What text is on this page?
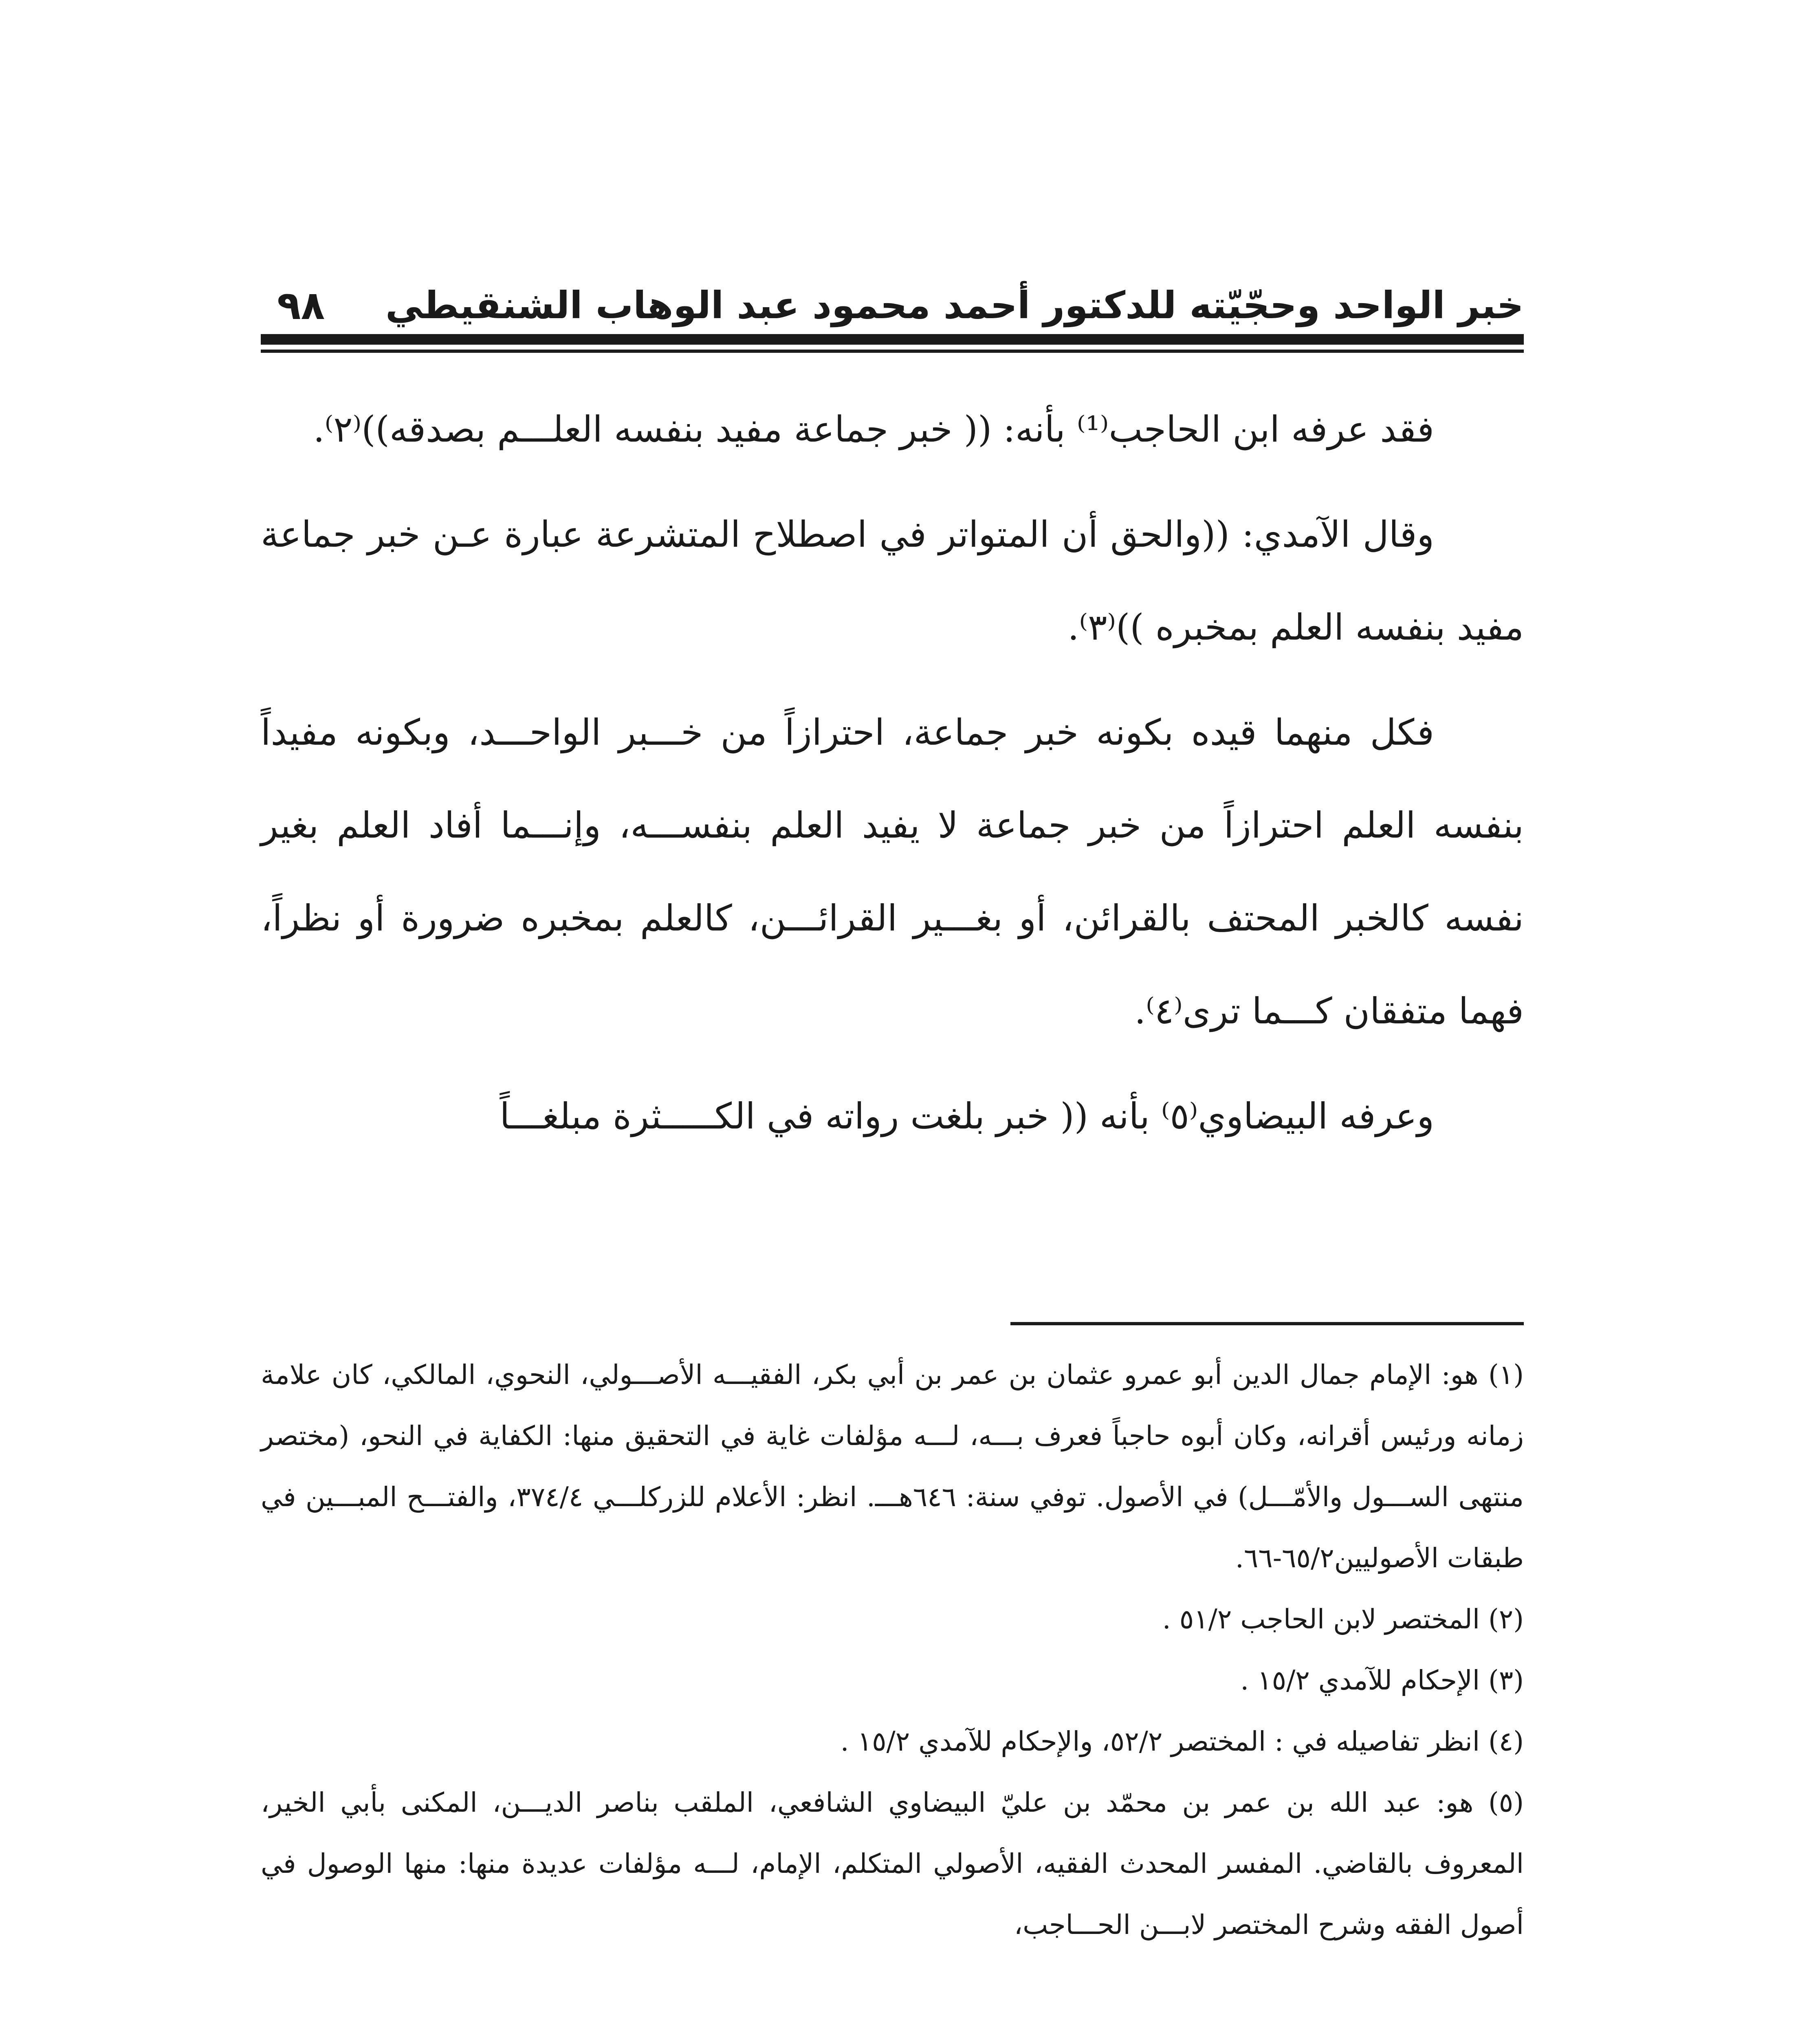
خبر الواحد وحجّيّته للدكتور أحمد محمود عبد الوهاب الشنقيطي
٩٨

فقد عرفه ابن الحاجب⁽¹⁾ بأنه: (( خبر جماعة مفيد بنفسه العلـــم بصدقه))⁽٢⁾.

وقال الآمدي: ((والحق أن المتواتر في اصطلاح المتشرعة عبارة عـن خبر جماعة مفيد بنفسه العلم بمخبره ))⁽٣⁾.

فكل منهما قيده بكونه خبر جماعة، احترازاً من خـــبر الواحـــد، وبكونه مفيداً بنفسه العلم احترازاً من خبر جماعة لا يفيد العلم بنفســـه، وإنـــما أفاد العلم بغير نفسه كالخبر المحتف بالقرائن، أو بغـــير القرائـــن، كالعلم بمخبره ضرورة أو نظراً، فهما متفقان كـــما ترى⁽٤⁾.

وعرفه البيضاوي⁽٥⁾ بأنه (( خبر بلغت رواته في الكـــــثرة مبلغـــاً

(١) هو: الإمام جمال الدين أبو عمرو عثمان بن عمر بن أبي بكر، الفقيـــه الأصـــولي، النحوي، المالكي، كان علامة زمانه ورئيس أقرانه، وكان أبوه حاجباً فعرف بـــه، لـــه مؤلفات غاية في التحقيق منها: الكفاية في النحو، (مختصر منتهى الســـول والأمّـــل) في الأصول. توفي سنة: ٦٤٦هـــ. انظر: الأعلام للزركلـــي ٣٧٤/٤، والفتـــح المبـــين في طبقات الأصوليين٦٥/٢-٦٦.

(٢) المختصر لابن الحاجب ٥١/٢ .

(٣) الإحكام للآمدي ١٥/٢ .

(٤) انظر تفاصيله في : المختصر ٥٢/٢، والإحكام للآمدي ١٥/٢ .

(٥) هو: عبد الله بن عمر بن محمّد بن عليّ البيضاوي الشافعي، الملقب بناصر الديـــن، المكنى بأبي الخير، المعروف بالقاضي. المفسر المحدث الفقيه، الأصولي المتكلم، الإمام، لـــه مؤلفات عديدة منها: منها الوصول في أصول الفقه وشرح المختصر لابـــن الحـــاجب،
